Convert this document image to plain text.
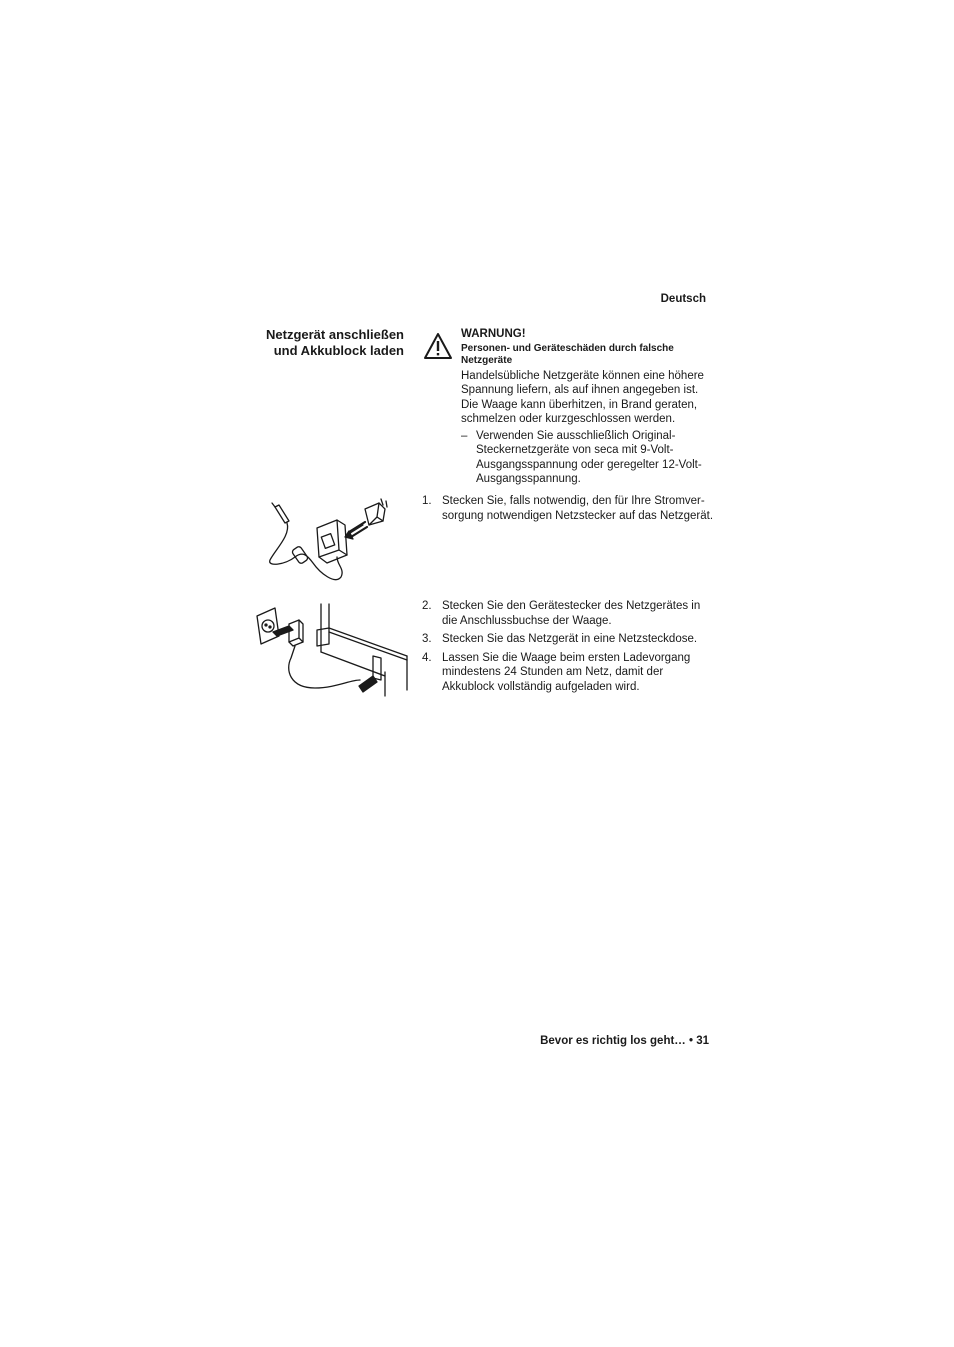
Deutsch
Netzgerät anschließen
und Akkublock laden
WARNUNG!
Personen- und Geräteschäden durch falsche Netzgeräte
Handelsübliche Netzgeräte können eine höhere Spannung liefern, als auf ihnen angegeben ist. Die Waage kann überhitzen, in Brand geraten, schmelzen oder kurzgeschlossen werden.
– Verwenden Sie ausschließlich Original-Steckernetzgeräte von seca mit 9-Volt-Ausgangsspannung oder geregelter 12-Volt-Ausgangsspannung.
1. Stecken Sie, falls notwendig, den für Ihre Stromver-sorgung notwendigen Netzstecker auf das Netzgerät.
2. Stecken Sie den Gerätestecker des Netzgerätes in die Anschlussbuchse der Waage.
3. Stecken Sie das Netzgerät in eine Netzsteckdose.
4. Lassen Sie die Waage beim ersten Ladevorgang mindestens 24 Stunden am Netz, damit der Akkublock vollständig aufgeladen wird.
Bevor es richtig los geht… • 31
